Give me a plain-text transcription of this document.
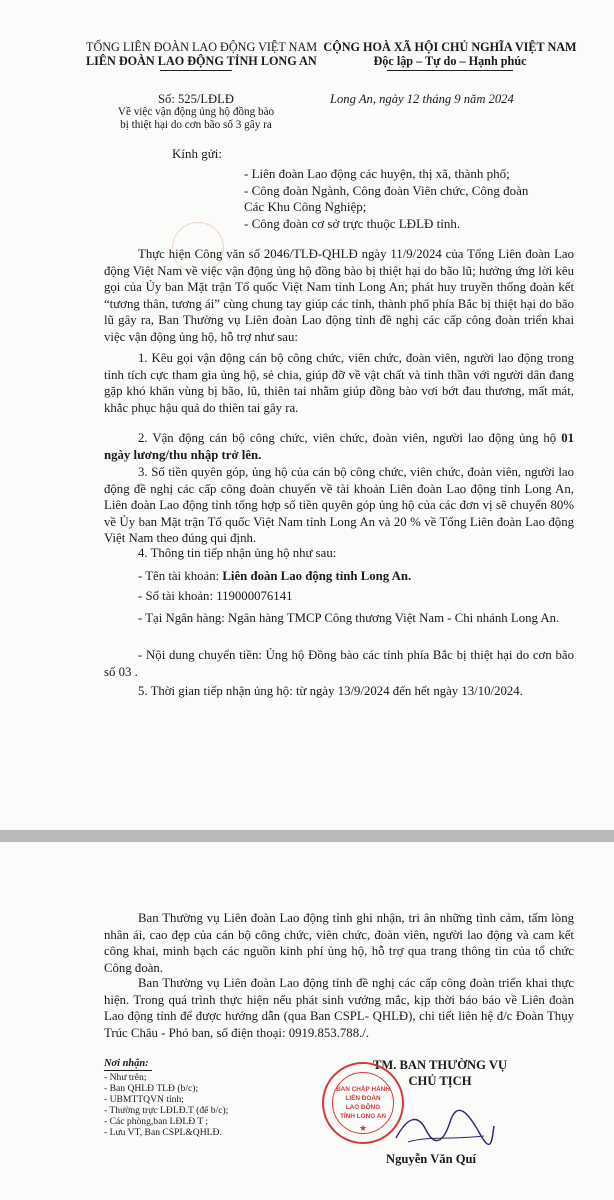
TỔNG LIÊN ĐOÀN LAO ĐỘNG VIỆT NAM
LIÊN ĐOÀN LAO ĐỘNG TỈNH LONG AN
CỘNG HOÀ XÃ HỘI CHỦ NGHĨA VIỆT NAM
Độc lập – Tự do – Hạnh phúc
Số: 525/LĐLĐ
Về việc vận động ủng hộ đồng bào
bị thiệt hại do cơn bão số 3 gây ra
Long An, ngày 12 tháng 9 năm 2024
Kính gửi:
- Liên đoàn Lao động các huyện, thị xã, thành phố;
- Công đoàn Ngành, Công đoàn Viên chức, Công đoàn
Các Khu Công Nghiệp;
- Công đoàn cơ sở trực thuộc LĐLĐ tỉnh.
Thực hiện Công văn số 2046/TLĐ-QHLĐ ngày 11/9/2024 của Tổng Liên đoàn Lao động Việt Nam về việc vận động ủng hộ đồng bào bị thiệt hại do bão lũ; hưởng ứng lời kêu gọi của Ủy ban Mặt trận Tổ quốc Việt Nam tỉnh Long An; phát huy truyền thống đoàn kết “tương thân, tương ái” cùng chung tay giúp các tỉnh, thành phố phía Bắc bị thiệt hại do bão lũ gây ra, Ban Thường vụ Liên đoàn Lao động tỉnh đề nghị các cấp công đoàn triển khai việc vận động ủng hộ, hỗ trợ như sau:
1. Kêu gọi vận động cán bộ công chức, viên chức, đoàn viên, người lao động trong tỉnh tích cực tham gia ủng hộ, sẻ chia, giúp đỡ về vật chất và tinh thần với người dân đang gặp khó khăn vùng bị bão, lũ, thiên tai nhằm giúp đồng bào vơi bớt đau thương, mất mát, khắc phục hậu quả do thiên tai gây ra.
2. Vận động cán bộ công chức, viên chức, đoàn viên, người lao động ủng hộ 01 ngày lương/thu nhập trở lên.
3. Số tiền quyên góp, ủng hộ của cán bộ công chức, viên chức, đoàn viên, người lao động đề nghị các cấp công đoàn chuyển về tài khoản Liên đoàn Lao động tỉnh Long An, Liên đoàn Lao động tỉnh tổng hợp số tiền quyên góp ủng hộ của các đơn vị sẽ chuyển 80% về Ủy ban Mặt trận Tổ quốc Việt Nam tỉnh Long An và 20 % về Tổng Liên đoàn Lao động Việt Nam theo đúng qui định.
4. Thông tin tiếp nhận ủng hộ như sau:
- Tên tài khoản: Liên đoàn Lao động tỉnh Long An.
- Số tài khoản: 119000076141
- Tại Ngân hàng: Ngân hàng TMCP Công thương Việt Nam - Chi nhánh Long An.
- Nội dung chuyển tiền: Ủng hộ Đồng bào các tỉnh phía Bắc bị thiệt hại do cơn bão số 03 .
5. Thời gian tiếp nhận ủng hộ: từ ngày 13/9/2024 đến hết ngày 13/10/2024.
Ban Thường vụ Liên đoàn Lao động tỉnh ghi nhận, tri ân những tình cảm, tấm lòng nhân ái, cao đẹp của cán bộ công chức, viên chức, đoàn viên, người lao động và cam kết công khai, minh bạch các nguồn kinh phí ủng hộ, hỗ trợ qua trang thông tin của tổ chức Công đoàn.
Ban Thường vụ Liên đoàn Lao động tỉnh đề nghị các cấp công đoàn triển khai thực hiện. Trong quá trình thực hiện nếu phát sinh vướng mắc, kịp thời báo báo về Liên đoàn Lao động tỉnh để được hướng dẫn (qua Ban CSPL- QHLĐ), chi tiết liên hệ đ/c Đoàn Thụy Trúc Châu - Phó ban, số điện thoại: 0919.853.788./.
Nơi nhận:
- Như trên;
- Ban QHLĐ TLĐ (b/c);
- UBMTTQVN tỉnh;
- Thường trực LĐLĐ.T (để b/c);
- Các phòng,ban LĐLĐ T ;
- Lưu VT, Ban CSPL&QHLĐ.
TM. BAN THƯỜNG VỤ
CHỦ TỊCH
Nguyễn Văn Quí
BAN CHẤP HÀNH
LIÊN ĐOÀN
LAO ĐỘNG
TỈNH LONG AN
★
